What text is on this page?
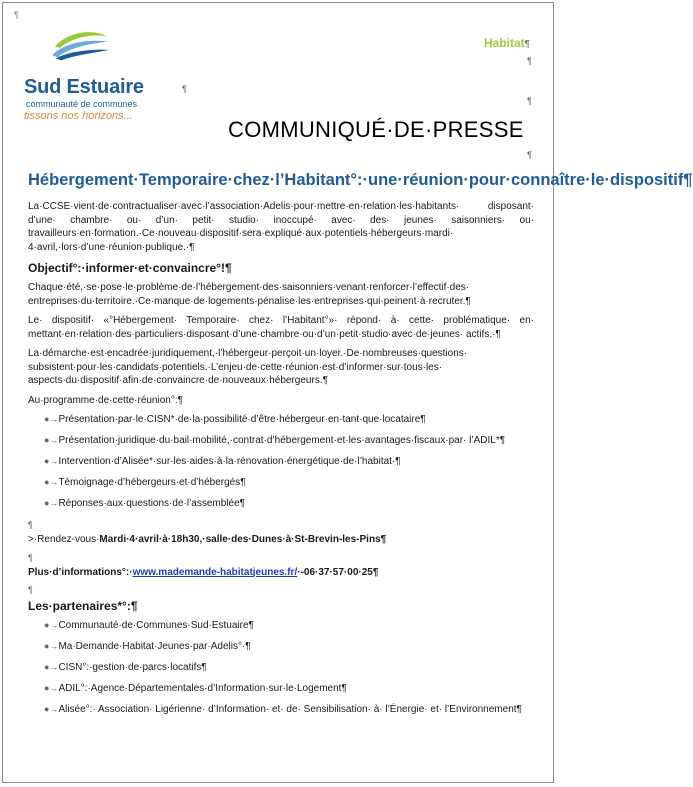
¶
Sud Estuaire
communauté de communes
tissons nos horizons...
Habitat¶
¶
¶
¶
COMMUNIQUÉ·DE·PRESSE
¶
Hébergement·Temporaire·chez·l’Habitant°:·une·réunion·pour·connaître·le·dispositif¶
La·CCSE·vient·de·contractualiser·avec·l’association·Adelis·pour·mettre·en·relation·les·habitants· disposant· d’une· chambre· ou· d’un· petit· studio· inoccupé· avec· des· jeunes· saisonniers· ou· travailleurs·en·formation.·Ce·nouveau·dispositif·sera·expliqué·aux·potentiels·hébergeurs·mardi· 4·avril,·lors·d’une·réunion·publique.·¶
Objectif°:·informer·et·convaincre°!¶
Chaque·été,·se·pose·le·problème·de·l’hébergement·des·saisonniers·venant·renforcer·l’effectif·des· entreprises·du·territoire.·Ce·manque·de·logements·pénalise·les·entreprises·qui·peinent·à·recruter.¶
Le· dispositif· «°Hébergement· Temporaire· chez· l’Habitant°»· répond· à· cette· problématique· en· mettant·en·relation·des·particuliers·disposant·d’une·chambre·ou·d’un·petit·studio·avec·de·jeunes· actifs.·¶
La·démarche·est·encadrée·juridiquement,·l’hébergeur·perçoit·un·loyer.·De·nombreuses·questions· subsistent·pour·les·candidats·potentiels.·L’enjeu·de·cette·réunion·est·d’informer·sur·tous·les· aspects·du·dispositif·afin·de·convaincre·de·nouveaux·hébergeurs.¶
Au·programme·de·cette·réunion°:¶
●→Présentation·par·le·CISN*·de·la·possibilité·d’être·hébergeur·en·tant·que·locataire¶
●→Présentation·juridique·du·bail·mobilité,·contrat·d’hébergement·et·les·avantages·fiscaux·par· l’ADIL*¶
●→Intervention·d’Alisée*·sur·les·aides·à·la·rénovation·énergétique·de·l’habitat·¶
●→Témoignage·d’hébergeurs·et·d’hébergés¶
●→Réponses·aux·questions·de·l’assemblée¶
¶
>·Rendez-vous·Mardi·4·avril·à·18h30,·salle·des·Dunes·à·St-Brevin-les-Pins¶
¶
Plus·d’informations°:·www.mademande-habitatjeunes.fr/·-06·37·57·00·25¶
¶
Les·partenaires*°:¶
●→Communauté·de·Communes·Sud·Estuaire¶
●→Ma·Demande·Habitat·Jeunes·par·Adelis°·¶
●→CISN°:·gestion·de·parcs·locatifs¶
●→ADIL°:·Agence·Départementales·d’Information·sur·le·Logement¶
●→Alisée°:· Association· Ligérienne· d’Information· et· de· Sensibilisation· à· l’Énergie· et· l’Environnement¶
